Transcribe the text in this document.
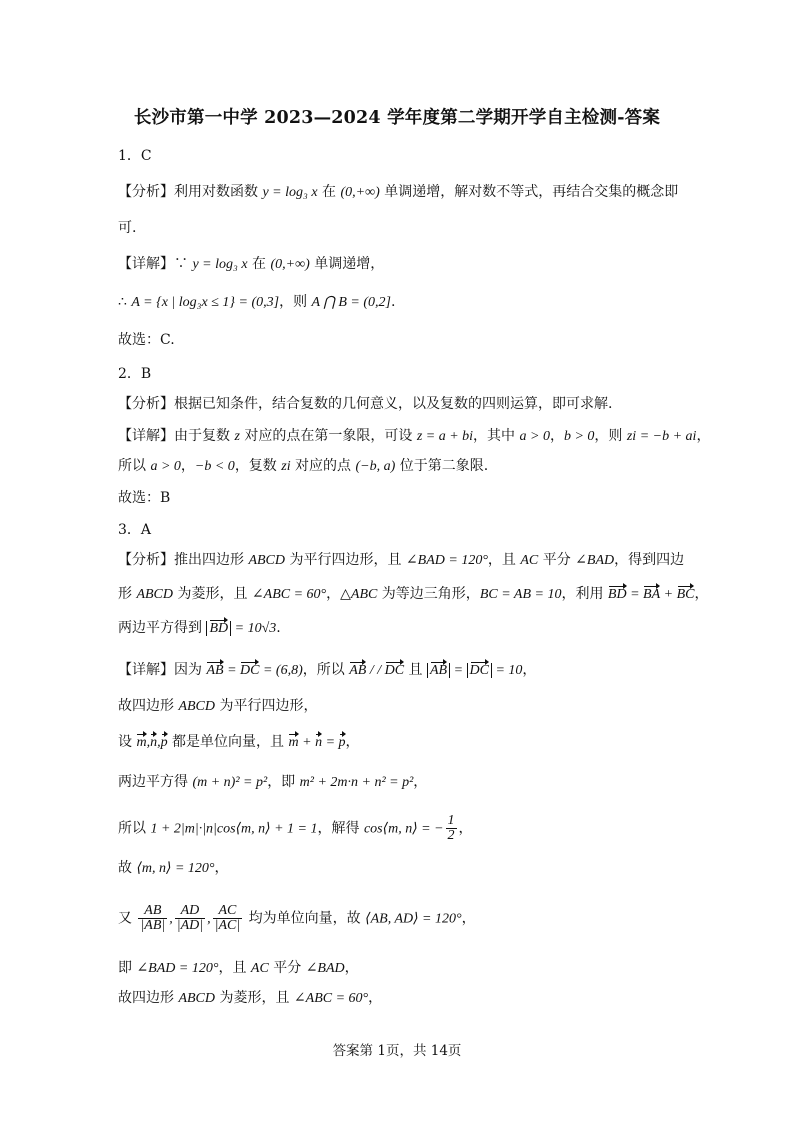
长沙市第一中学 2023—2024 学年度第二学期开学自主检测-答案
1．C
【分析】利用对数函数 y = log₃ x 在 (0,+∞) 单调递增，解对数不等式，再结合交集的概念即
可.
【详解】∵ y = log₃ x 在 (0,+∞) 单调递增，
∴ A = {x | log₃x ≤ 1} = (0,3]，则 A ⋂ B = (0,2].
故选：C.
2．B
【分析】根据已知条件，结合复数的几何意义，以及复数的四则运算，即可求解.
【详解】由于复数 z 对应的点在第一象限，可设 z = a + bi，其中 a > 0，b > 0，则 zi = −b + ai，
所以 a > 0，−b < 0，复数 zi 对应的点 (−b, a) 位于第二象限.
故选：B
3．A
【分析】推出四边形 ABCD 为平行四边形，且 ∠BAD = 120°，且 AC 平分 ∠BAD，得到四边
形 ABCD 为菱形，且 ∠ABC = 60°，△ABC 为等边三角形，BC = AB = 10，利用 BD = BA + BC，
两边平方得到 BD = 10√3.
【详解】因为 AB = DC = (6,8)，所以 AB / / DC 且 AB = DC = 10，
故四边形 ABCD 为平行四边形，
设 m,n,p 都是单位向量，且 m + n = p，
两边平方得 (m + n)² = p²，即 m² + 2m·n + n² = p²，
所以 1 + 2|m|·|n|cos⟨m, n⟩ + 1 = 1，解得 cos⟨m, n⟩ = − $\frac{1}{2}$ ，
故 ⟨m, n⟩ = 120°，
又 $\frac{AB}{|AB|}$ , $\frac{AD}{|AD|}$ , $\frac{AC}{|AC|}$ 均为单位向量，故 ⟨AB, AD⟩ = 120°，
即 ∠BAD = 120°，且 AC 平分 ∠BAD，
故四边形 ABCD 为菱形，且 ∠ABC = 60°，
答案第 1页，共 14页
